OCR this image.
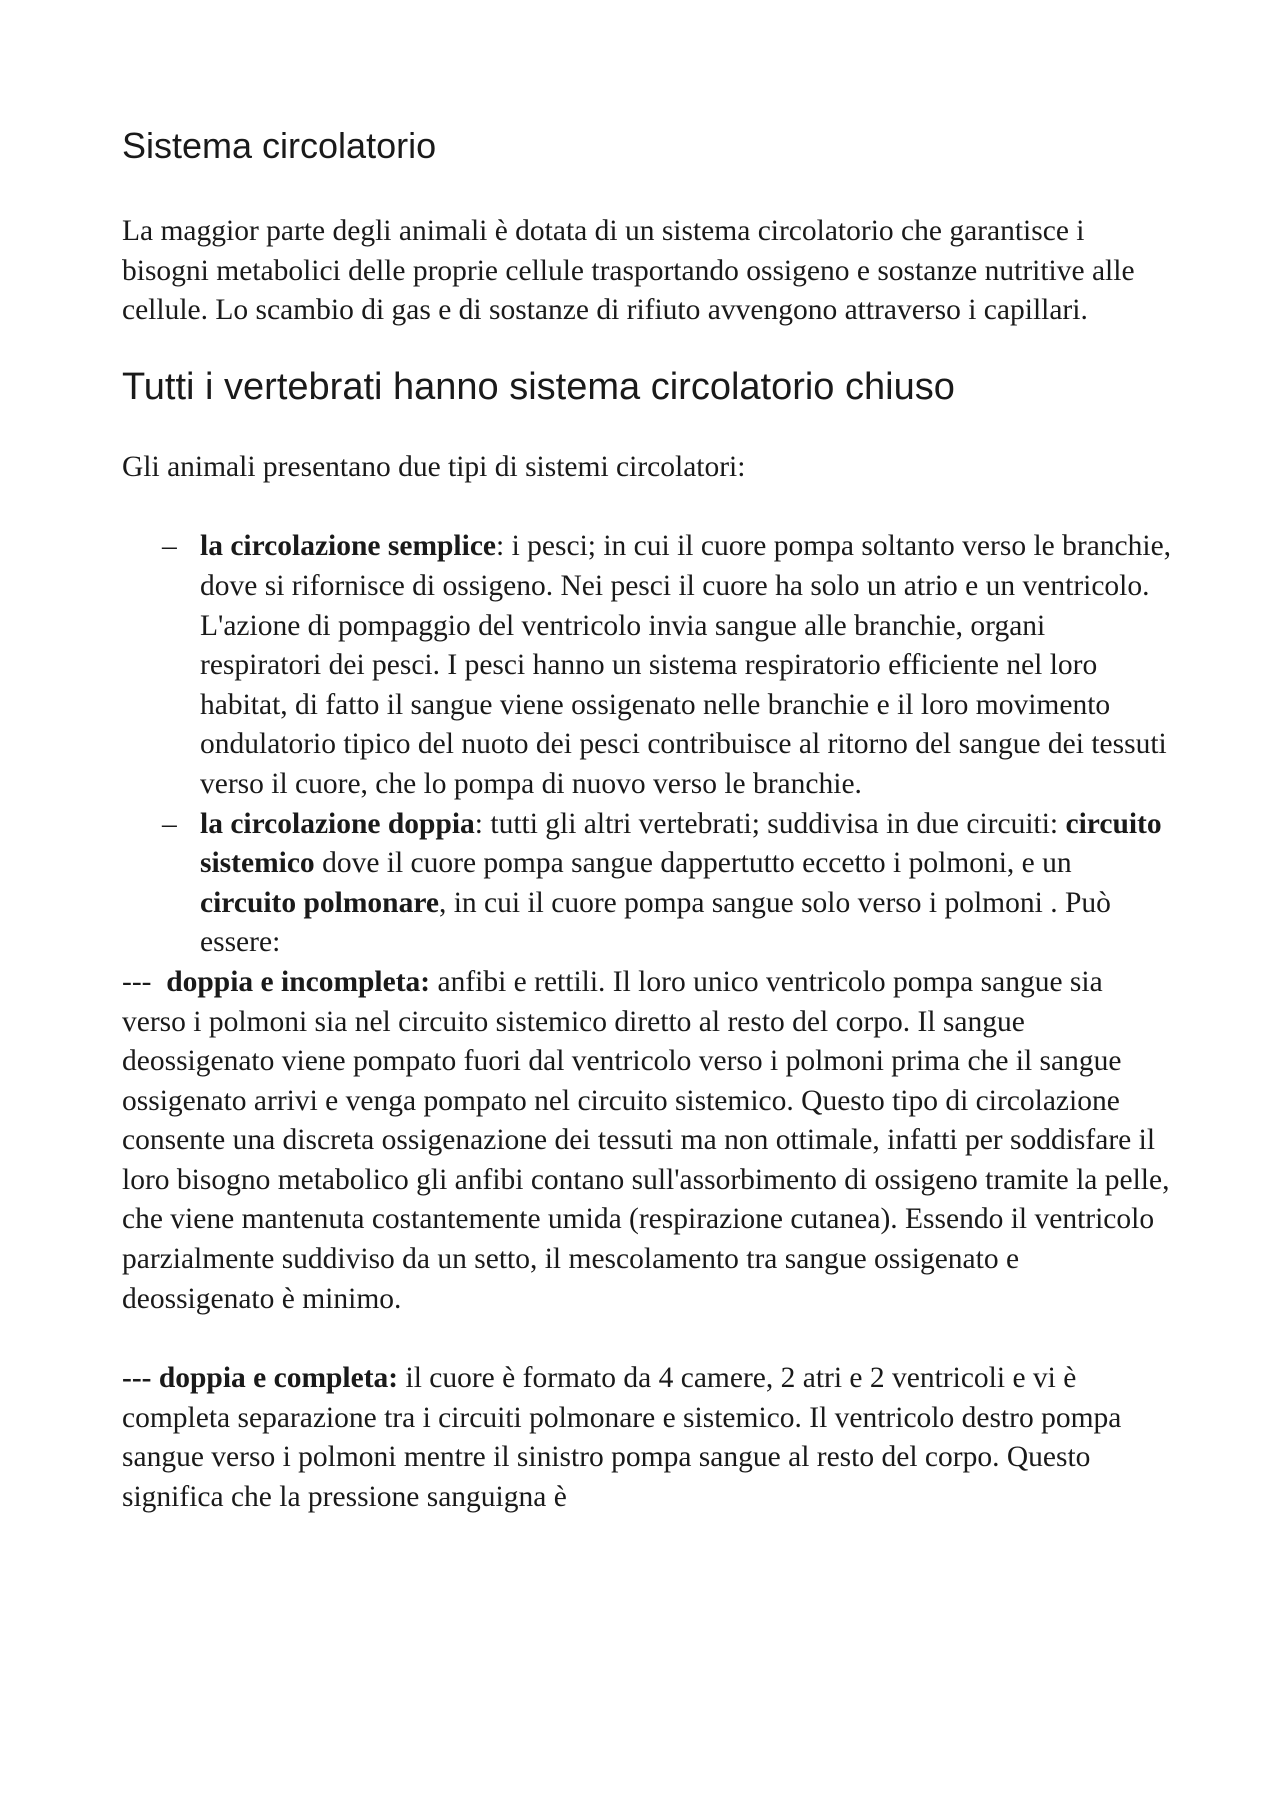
Sistema circolatorio

La maggior parte degli animali è dotata di un sistema circolatorio che garantisce i bisogni metabolici delle proprie cellule trasportando ossigeno e sostanze nutritive alle cellule. Lo scambio di gas e di sostanze di rifiuto avvengono attraverso i capillari.

Tutti i vertebrati hanno sistema circolatorio chiuso

Gli animali presentano due tipi di sistemi circolatori:

– la circolazione semplice: i pesci; in cui il cuore pompa soltanto verso le branchie, dove si rifornisce di ossigeno. Nei pesci il cuore ha solo un atrio e un ventricolo. L'azione di pompaggio del ventricolo invia sangue alle branchie, organi respiratori dei pesci. I pesci hanno un sistema respiratorio efficiente nel loro habitat, di fatto il sangue viene ossigenato nelle branchie e il loro movimento ondulatorio tipico del nuoto dei pesci contribuisce al ritorno del sangue dei tessuti verso il cuore, che lo pompa di nuovo verso le branchie.
– la circolazione doppia: tutti gli altri vertebrati; suddivisa in due circuiti: circuito sistemico dove il cuore pompa sangue dappertutto eccetto i polmoni, e un circuito polmonare, in cui il cuore pompa sangue solo verso i polmoni . Può essere:

---  doppia e incompleta: anfibi e rettili. Il loro unico ventricolo pompa sangue sia verso i polmoni sia nel circuito sistemico diretto al resto del corpo. Il sangue deossigenato viene pompato fuori dal ventricolo verso i polmoni prima che il sangue ossigenato arrivi e venga pompato nel circuito sistemico. Questo tipo di circolazione consente una discreta ossigenazione dei tessuti ma non ottimale, infatti per soddisfare il loro bisogno metabolico gli anfibi contano sull'assorbimento di ossigeno tramite la pelle, che viene mantenuta costantemente umida (respirazione cutanea). Essendo il ventricolo parzialmente suddiviso da un setto, il mescolamento tra sangue ossigenato e deossigenato è minimo.

--- doppia e completa: il cuore è formato da 4 camere, 2 atri e 2 ventricoli e vi è completa separazione tra i circuiti polmonare e sistemico. Il ventricolo destro pompa sangue verso i polmoni mentre il sinistro pompa sangue al resto del corpo. Questo significa che la pressione sanguigna è
